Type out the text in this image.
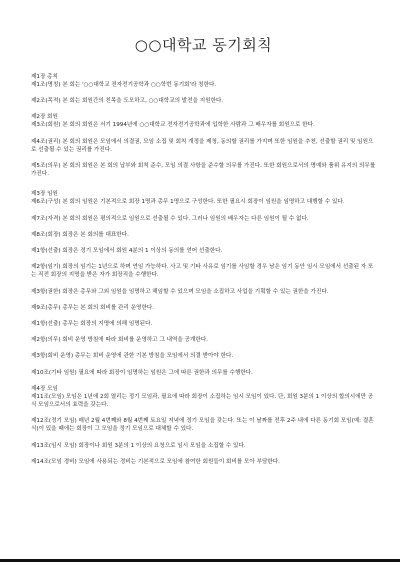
○○대학교 동기회칙

제1장 총칙

제1조(명칭) 본 회는 '○○대학교 전자전기공학과 ○○학번 동기회'라 칭한다.

제2조(목적) 본 회는 회원간의 친목을 도모하고, ○○대학교의 발전을 지원한다.

제2장 회원

제3조(회원) 본 회의 회원은 서기 1994년에 ○○대학교 전자전기공학과에 입학한 사람과 그 배우자를 회원으로 한다.

제4조(권리) 본 회의 회원은 모임에서 의결권, 모임 소집 및 회칙 개정을 제청, 동의할 권리를 가지며 또한 임원을 추천, 선출할 권리 및 임원으로 선출될 수 있는 권리를 가진다.

제5조(의무) 본 회의 회원은 본 회의 납부와 회칙 준수, 모임 의결 사항을 준수할 의무를 가진다. 또한 회원으로서의 명예와 품위 유지의 의무를 가진다.

제3장 임원

제6조(구성) 본 회의 임원은 기본적으로 회장 1명과 총무 1명으로 구성한다. 또한 필요시 회장이 임원을 임명하고 대행할 수 있다.

제7조(자격) 본 회의 회원은 평의적으로 임원으로 선출될 수 있다. 그러나 임원의 배우자는 다른 임원이 될 수 없다.

제8조(회장) 회장은 본 회의를 대표한다.

제1항(선출) 회장은 정기 모임에서 회원 4분의 1 이상의 동의를 얻어 선출한다.

제2항(임기) 회장의 임기는 1년으로 하며 연임 가능하다. 사고 및 기타 사유로 임기를 사임할 경우 남은 임기 동안 임시 모임에서 선출된 자 또는 직전 회장의 지명을 받은 자가 회장직을 수행한다.

제3항(권한) 회장은 총무와 그외 임원을 임명하고 해임할 수 있으며 모임을 소집하고 사업을 기획할 수 있는 권한을 가진다.

제9조(총무) 총무는 본 회의 회비를 관리 운영한다.

제1항(선출) 총무는 회장의 지명에 의해 임명된다.

제2항(의무) 회비 운영 방침에 따라 회비를 운영하고 그 내역을 공개한다.

제3항(회비 운영) 총무는 회비 운영에 관한 기본 방침을 모임에서 의결 받아야 한다.

제10조(기타 임원) 필요에 따라 회장이 임명하는 임원은 그에 따른 권한과 의무를 수행한다.

제4장 모임

제11조(모임) 모임은 1년에 2회 열리는 정기 모임과, 필요에 따라 회장이 소집하는 임시 모임이 있다. 단, 회원 3분의 1 이상의 합의시에만 공식 모임으로서의 효력을 갖는다.

제12조(정기 모임) 매년 2월 4번째와 8월 4번째 토요일 저녁에 정기 모임을 갖는다. 또는 이 날짜를 전후 2주 내에 다른 동기회 모임(예: 결혼식)이 있을 때에는 회장이 그 모임을 정기 모임으로 대체할 수 있다.

제13조(임시 모임) 회장이나 회원 3분의 1 이상의 요청으로 임시 모임을 소집할 수 있다.

제14조(모임 경비) 모임에 사용되는 경비는 기본적으로 모임에 참여한 회원들이 회비를 모아 부담한다.
